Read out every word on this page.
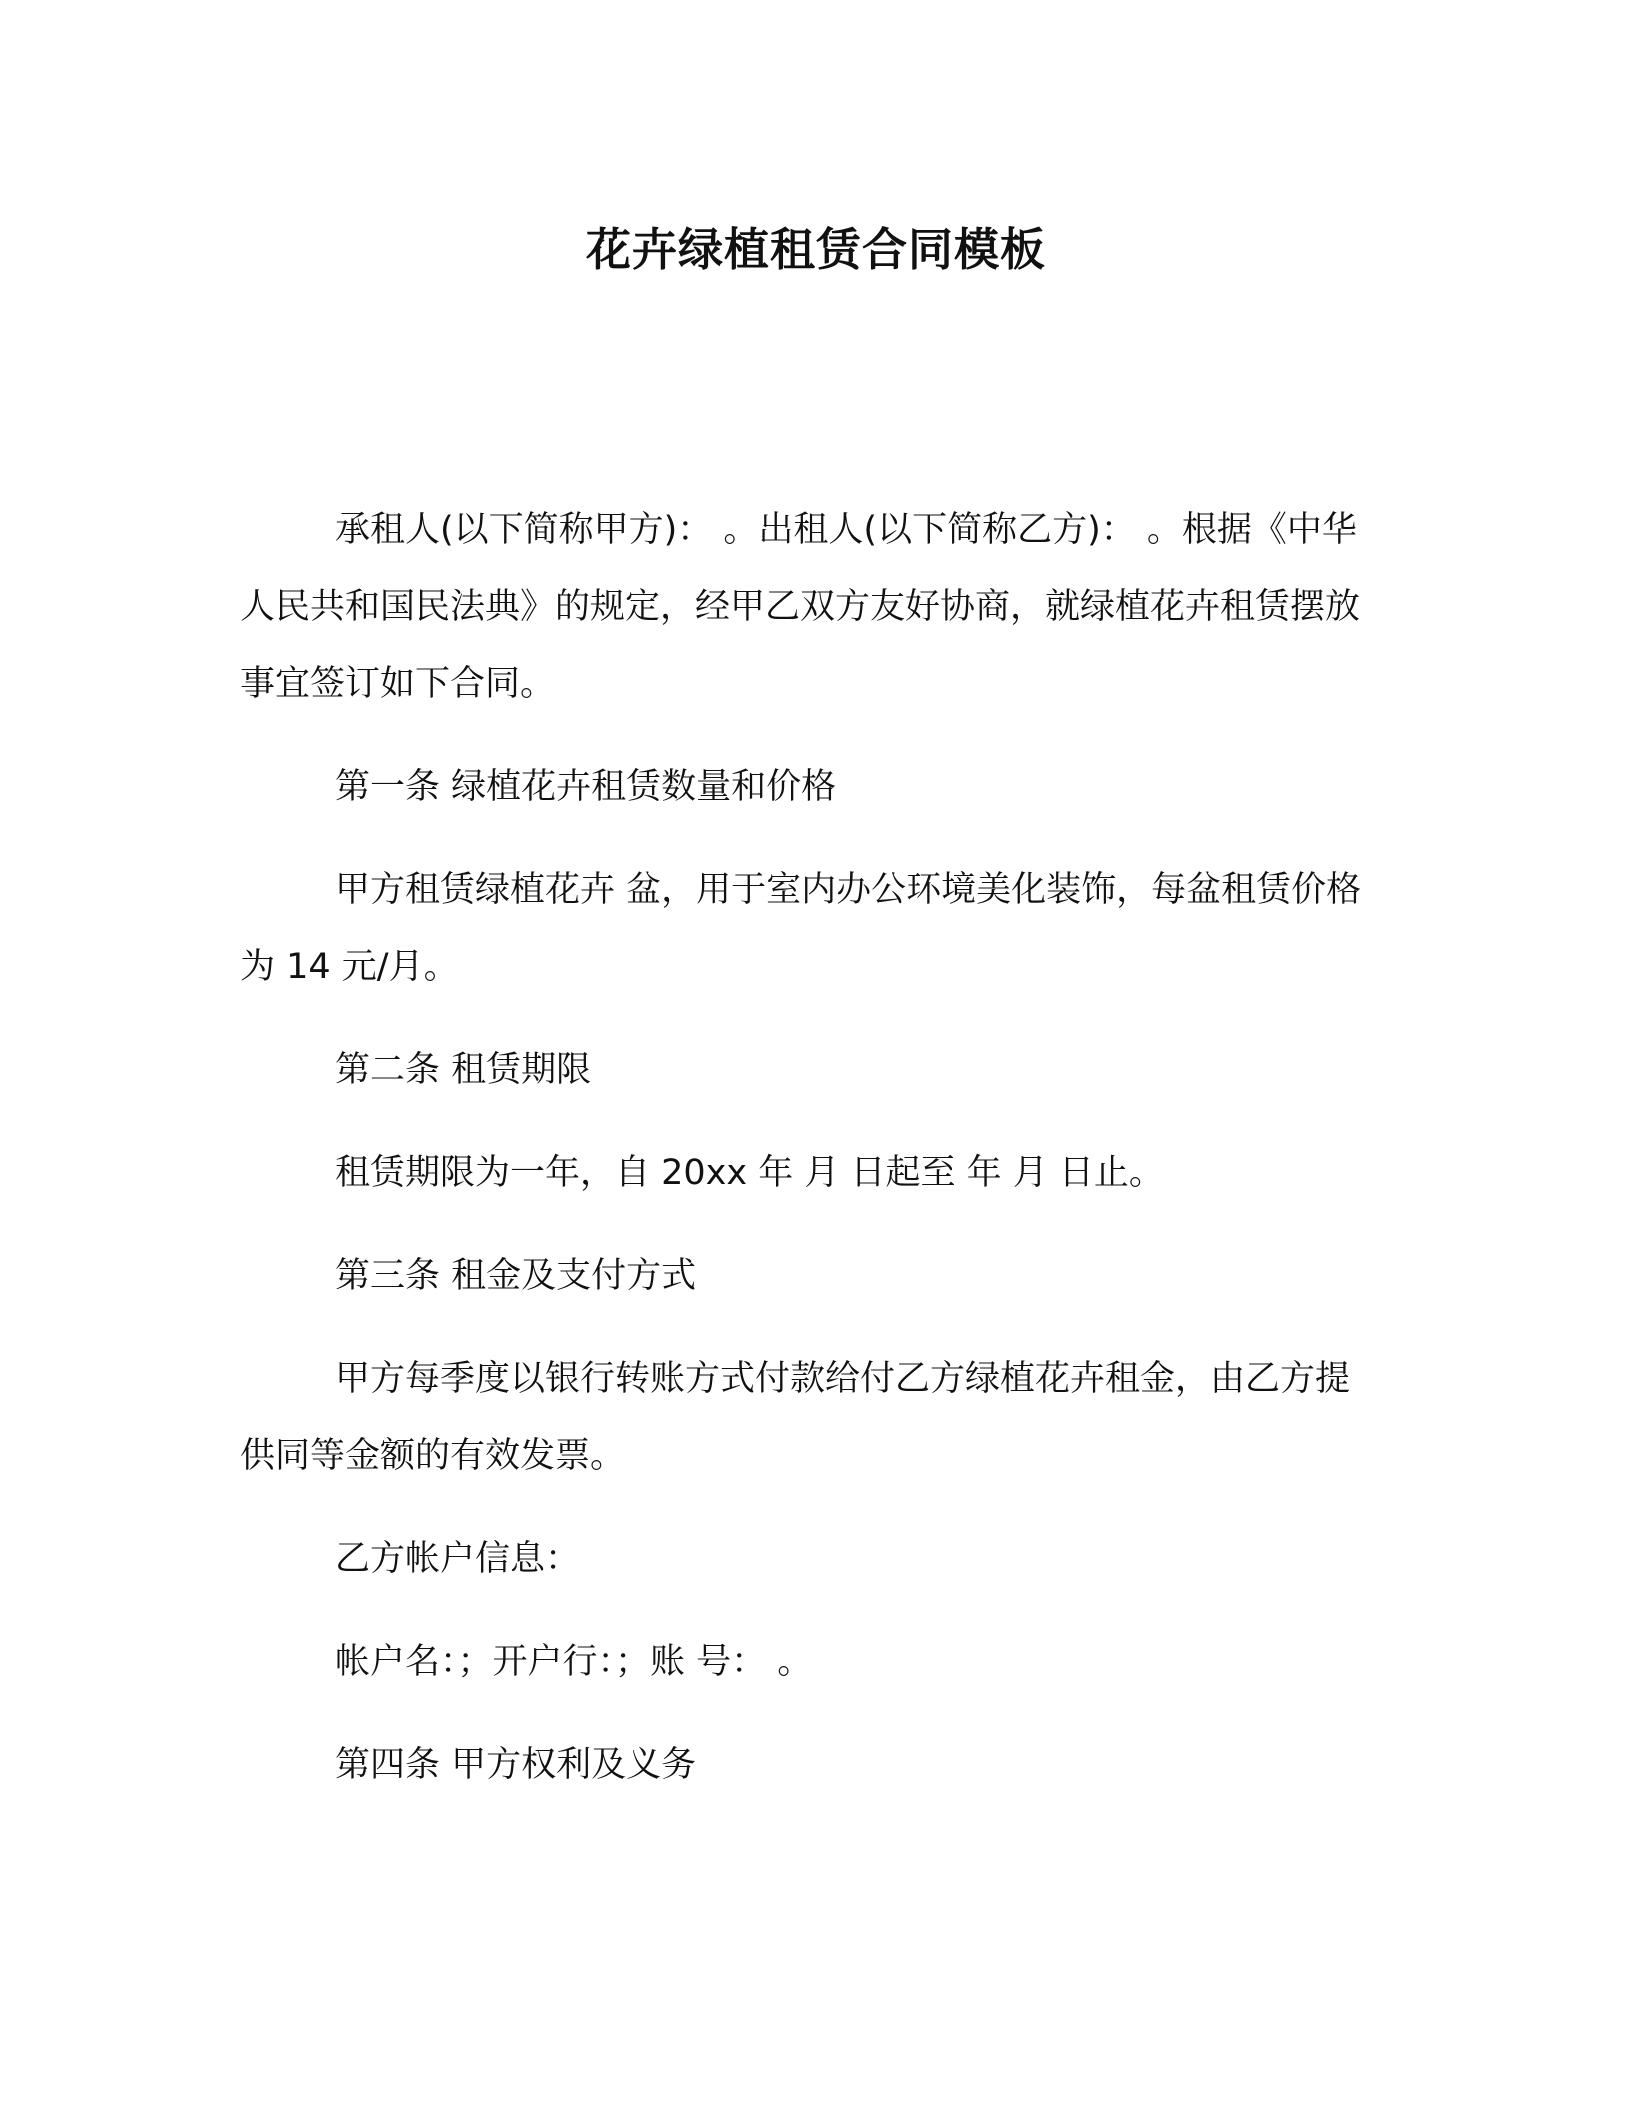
花卉绿植租赁合同模板

承租人(以下简称甲方)： 。出租人(以下简称乙方)： 。根据《中华人民共和国民法典》的规定，经甲乙双方友好协商，就绿植花卉租赁摆放事宜签订如下合同。

第一条 绿植花卉租赁数量和价格

甲方租赁绿植花卉 盆，用于室内办公环境美化装饰，每盆租赁价格为 14 元/月。

第二条 租赁期限

租赁期限为一年，自 20xx 年 月 日起至 年 月 日止。

第三条 租金及支付方式

甲方每季度以银行转账方式付款给付乙方绿植花卉租金，由乙方提供同等金额的有效发票。

乙方帐户信息：

帐户名：；开户行：；账 号： 。

第四条 甲方权利及义务
